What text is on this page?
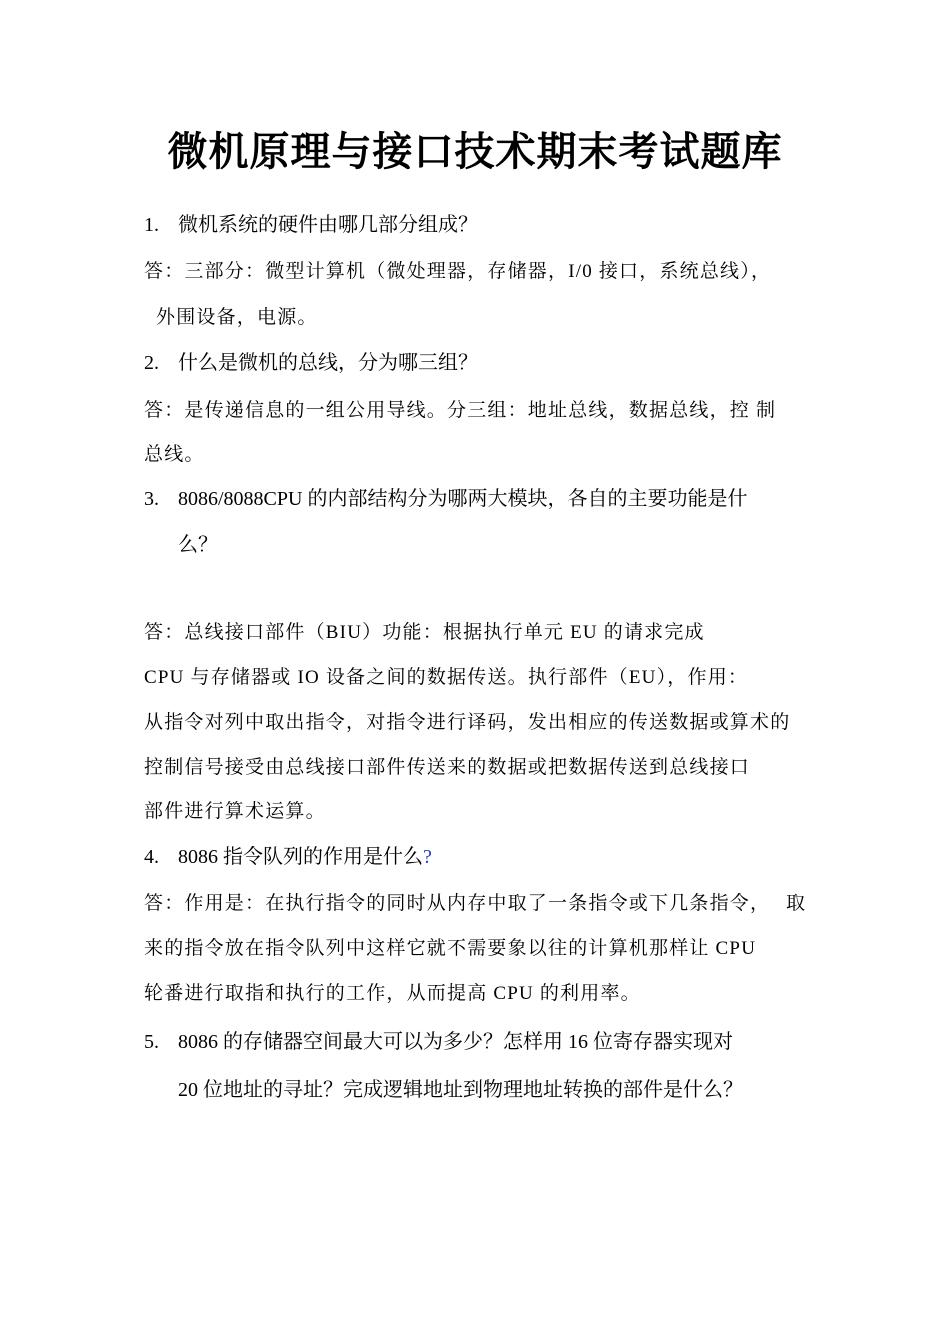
微机原理与接口技术期末考试题库
1. 微机系统的硬件由哪几部分组成？
答：三部分：微型计算机（微处理器，存储器，I/0 接口，系统总线），
外围设备，电源。
2. 什么是微机的总线，分为哪三组？
答：是传递信息的一组公用导线。分三组：地址总线，数据总线，控 制
总线。
3. 8086/8088CPU 的内部结构分为哪两大模块，各自的主要功能是什
么？
答：总线接口部件（BIU）功能：根据执行单元 EU 的请求完成
CPU 与存储器或 IO 设备之间的数据传送。执行部件（EU），作用：
从指令对列中取出指令，对指令进行译码，发出相应的传送数据或算术的
控制信号接受由总线接口部件传送来的数据或把数据传送到总线接口
部件进行算术运算。
4. 8086 指令队列的作用是什么?
答：作用是：在执行指令的同时从内存中取了一条指令或下几条指令， 取
来的指令放在指令队列中这样它就不需要象以往的计算机那样让 CPU
轮番进行取指和执行的工作，从而提高 CPU 的利用率。
5. 8086 的存储器空间最大可以为多少？怎样用 16 位寄存器实现对
20 位地址的寻址？完成逻辑地址到物理地址转换的部件是什么？
